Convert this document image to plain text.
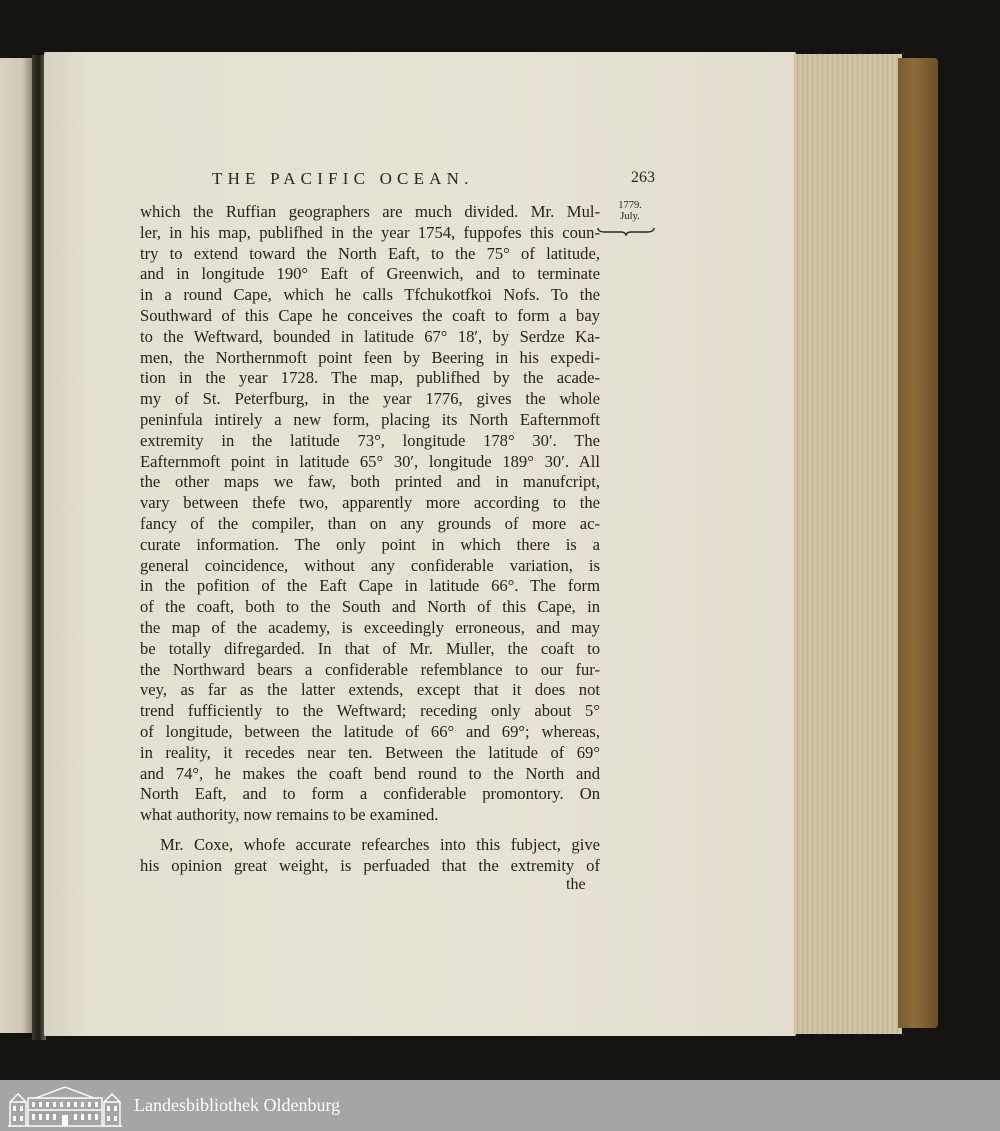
THE PACIFIC OCEAN.	263
1779.
July.
which the Ruffian geographers are much divided. Mr. Mul-
ler, in his map, publifhed in the year 1754, fuppofes this coun-
try to extend toward the North Eaft, to the 75° of latitude,
and in longitude 190° Eaft of Greenwich, and to terminate
in a round Cape, which he calls Tfchukotfkoi Nofs. To the
Southward of this Cape he conceives the coaft to form a bay
to the Weftward, bounded in latitude 67° 18′, by Serdze Ka-
men, the Northernmoft point feen by Beering in his expedi-
tion in the year 1728. The map, publifhed by the acade-
my of St. Peterfburg, in the year 1776, gives the whole
peninfula intirely a new form, placing its North Eafternmoft
extremity in the latitude 73°, longitude 178° 30′. The
Eafternmoft point in latitude 65° 30′, longitude 189° 30′. All
the other maps we faw, both printed and in manufcript,
vary between thefe two, apparently more according to the
fancy of the compiler, than on any grounds of more ac-
curate information. The only point in which there is a
general coincidence, without any confiderable variation, is
in the pofition of the Eaft Cape in latitude 66°. The form
of the coaft, both to the South and North of this Cape, in
the map of the academy, is exceedingly erroneous, and may
be totally difregarded. In that of Mr. Muller, the coaft to
the Northward bears a confiderable refemblance to our fur-
vey, as far as the latter extends, except that it does not
trend fufficiently to the Weftward; receding only about 5°
of longitude, between the latitude of 66° and 69°; whereas,
in reality, it recedes near ten. Between the latitude of 69°
and 74°, he makes the coaft bend round to the North and
North Eaft, and to form a confiderable promontory. On
what authority, now remains to be examined.
Mr. Coxe, whofe accurate refearches into this fubject, give
his opinion great weight, is perfuaded that the extremity of
the
Landesbibliothek Oldenburg
